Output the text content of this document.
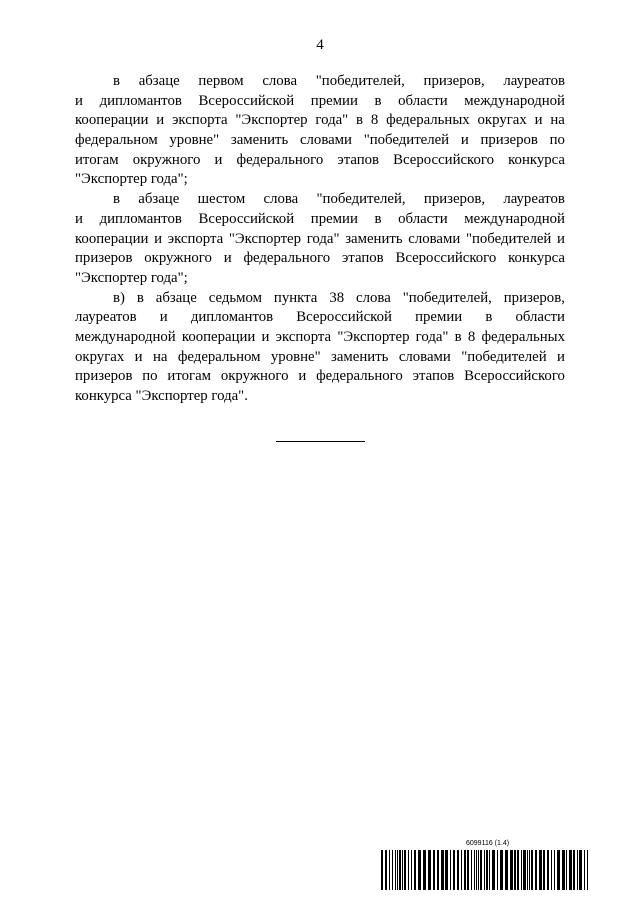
4
в абзаце первом слова "победителей, призеров, лауреатов
и дипломантов Всероссийской премии в области международной
кооперации и экспорта "Экспортер года" в 8 федеральных округах и на
федеральном уровне" заменить словами "победителей и призеров по
итогам окружного и федерального этапов Всероссийского конкурса
"Экспортер года";
в абзаце шестом слова "победителей, призеров, лауреатов
и дипломантов Всероссийской премии в области международной
кооперации и экспорта "Экспортер года" заменить словами "победителей и
призеров окружного и федерального этапов Всероссийского конкурса
"Экспортер года";
в) в абзаце седьмом пункта 38 слова "победителей, призеров,
лауреатов и дипломантов Всероссийской премии в области
международной кооперации и экспорта "Экспортер года" в 8 федеральных
округах и на федеральном уровне" заменить словами "победителей и
призеров по итогам окружного и федерального этапов Всероссийского
конкурса "Экспортер года".
6099116 (1.4)
